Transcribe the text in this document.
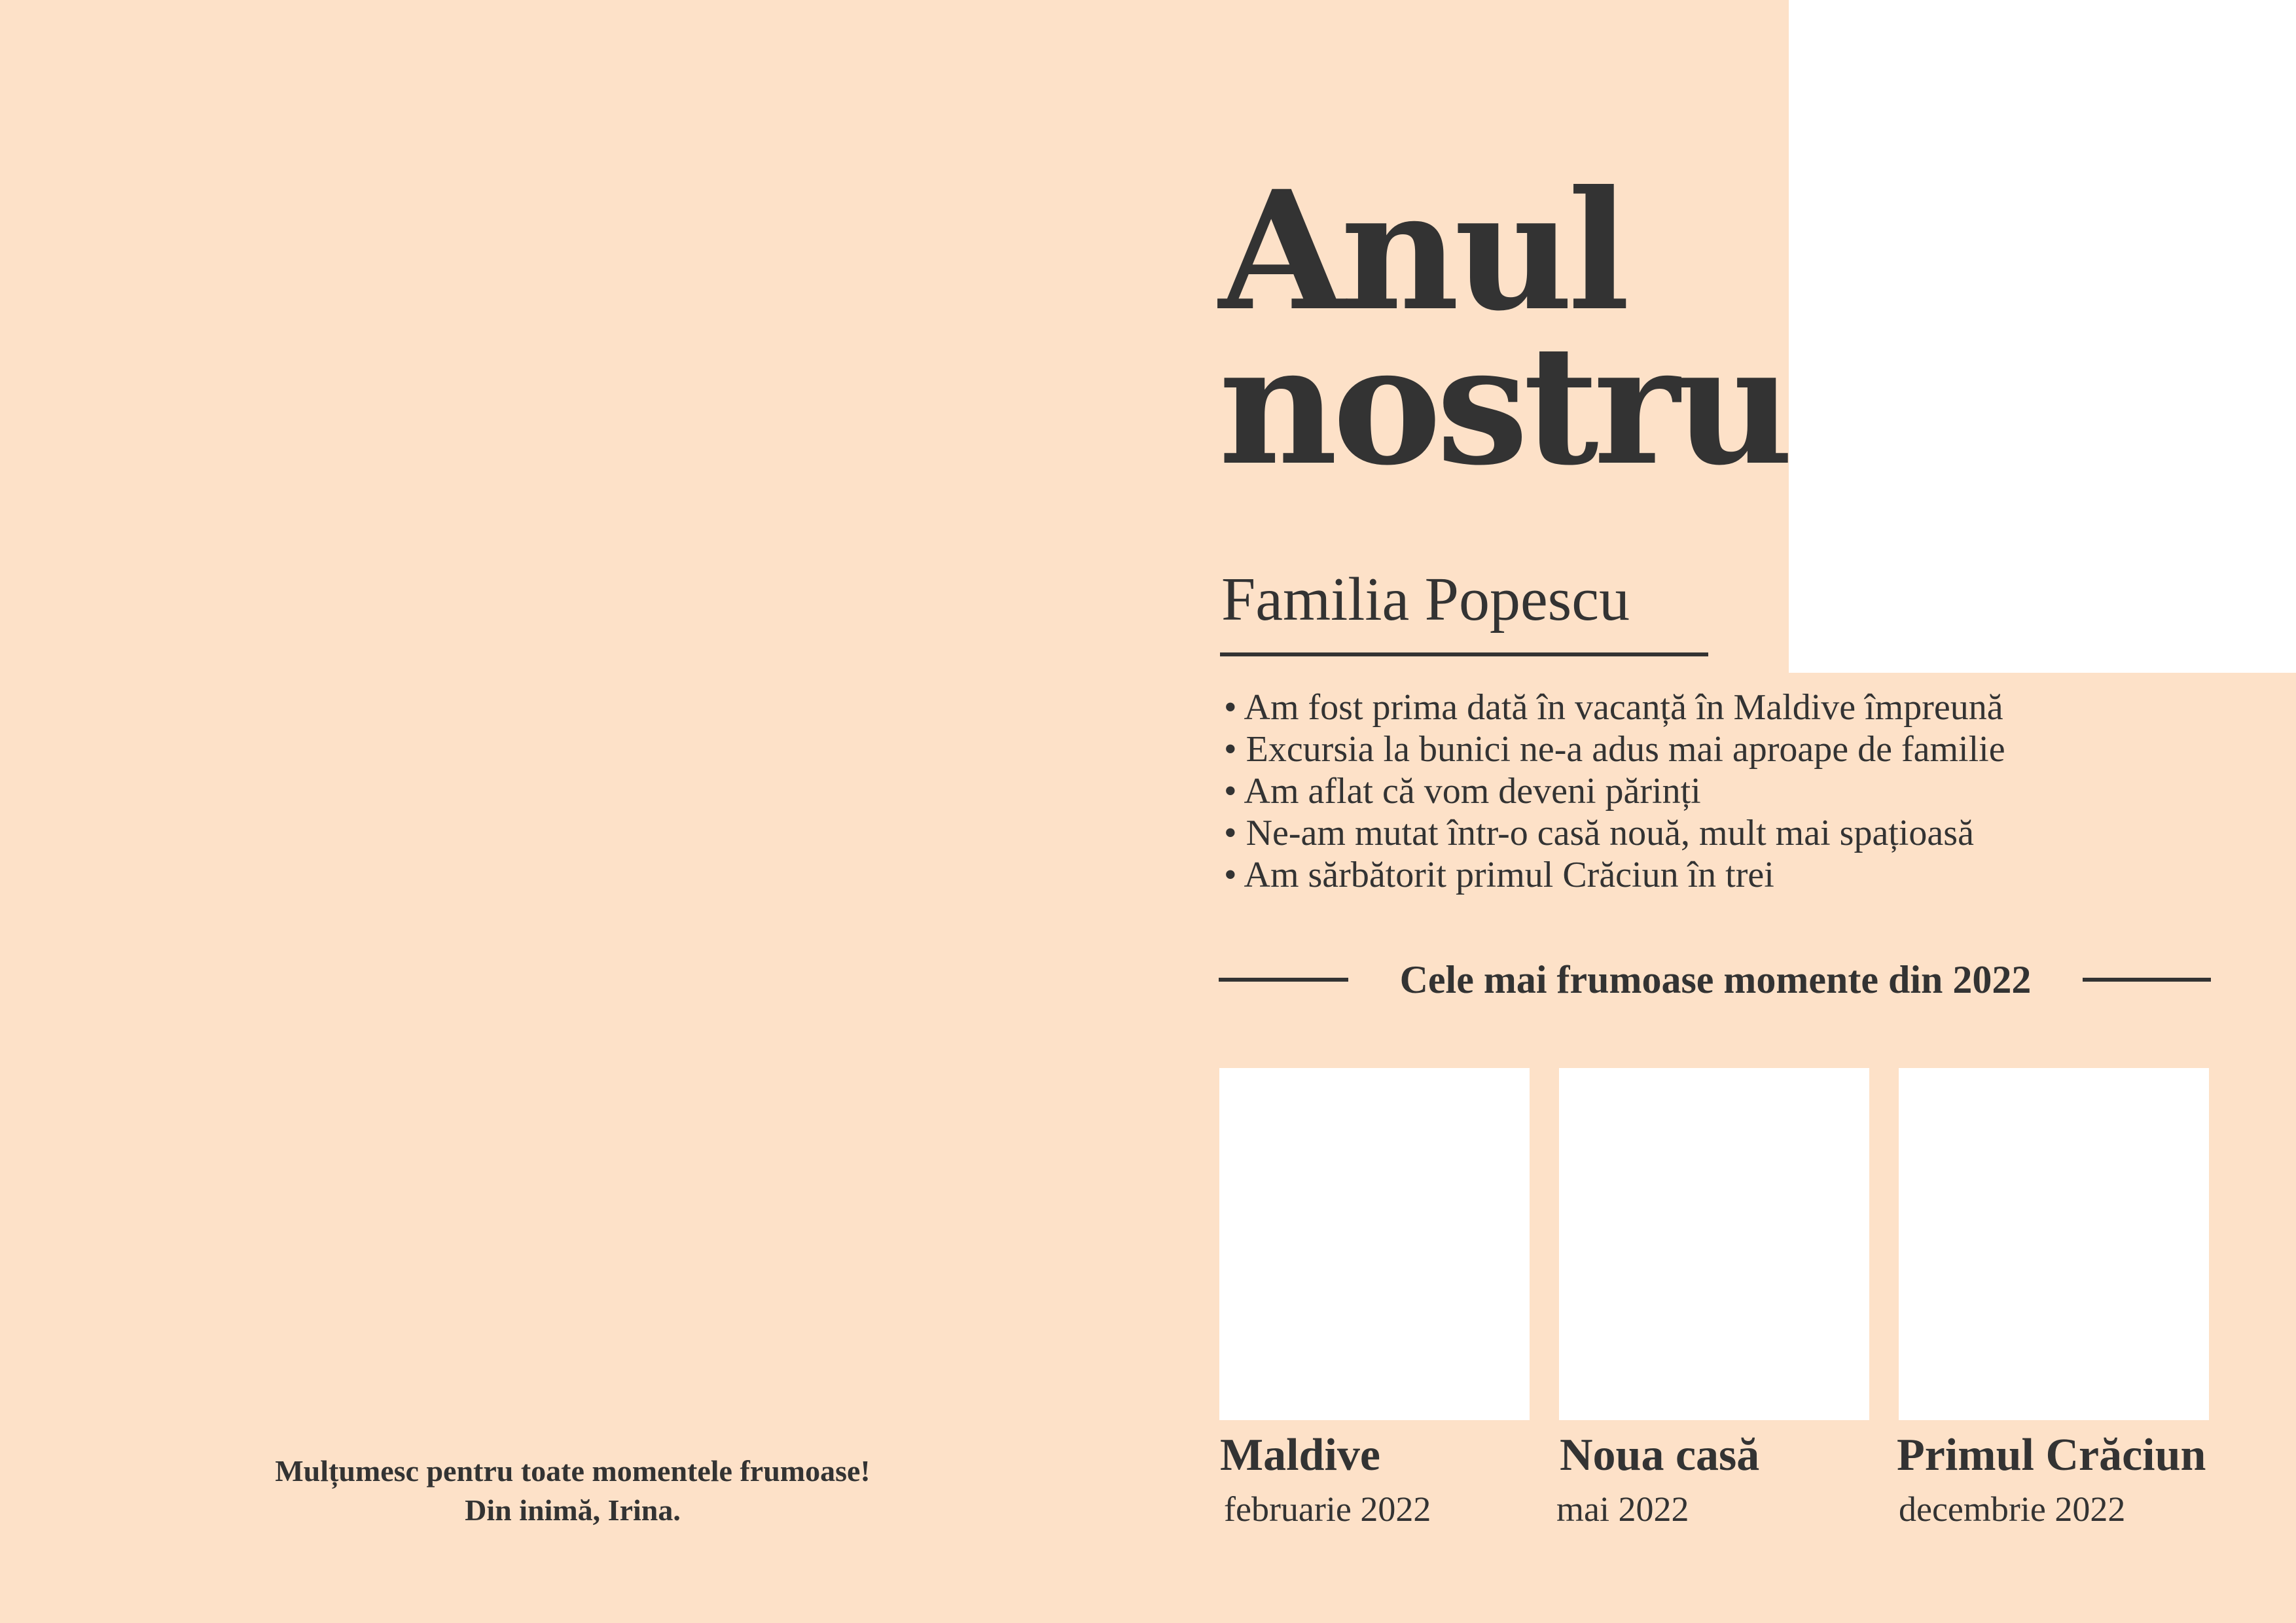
Anul
nostru
Familia Popescu
• Am fost prima dată în vacanță în Maldive împreună
• Excursia la bunici ne-a adus mai aproape de familie
• Am aflat că vom deveni părinți
• Ne-am mutat într-o casă nouă, mult mai spațioasă
• Am sărbătorit primul Crăciun în trei
Cele mai frumoase momente din 2022
Maldive
februarie 2022
Noua casă
mai 2022
Primul Crăciun
decembrie 2022
Mulțumesc pentru toate momentele frumoase!
Din inimă, Irina.
